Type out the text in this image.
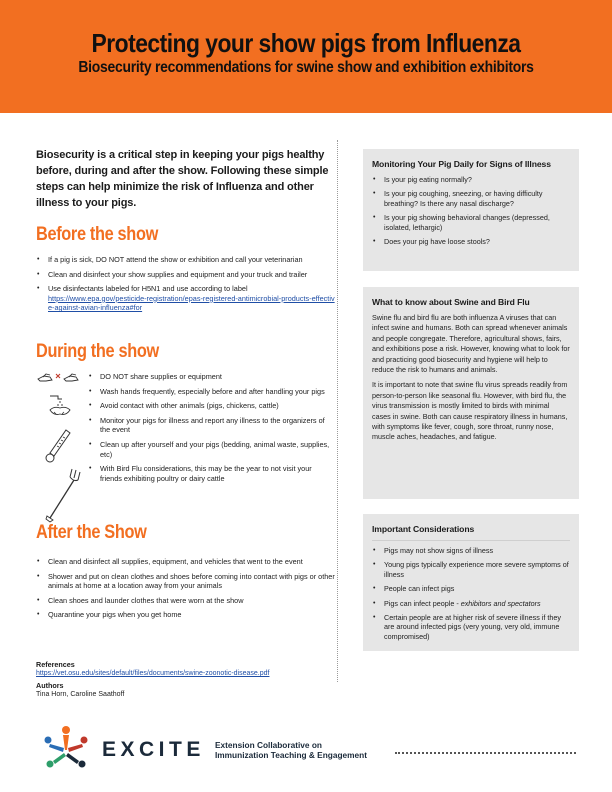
Protecting your show pigs from Influenza
Biosecurity recommendations for swine show and exhibition exhibitors

Biosecurity is a critical step in keeping your pigs healthy before, during and after the show. Following these simple steps can help minimize the risk of Influenza and other illness to your pigs.

Before the show
• If a pig is sick, DO NOT attend the show or exhibition and call your veterinarian
• Clean and disinfect your show supplies and equipment and your truck and trailer
• Use disinfectants labeled for H5N1 and use according to label
https://www.epa.gov/pesticide-registration/epas-registered-antimicrobial-products-effective-against-avian-influenza#for
During the show
• DO NOT share supplies or equipment
• Wash hands frequently, especially before and after handling your pigs
• Avoid contact with other animals (pigs, chickens, cattle)
• Monitor your pigs for illness and report any illness to the organizers of the event
• Clean up after yourself and your pigs (bedding, animal waste, supplies, etc)
• With Bird Flu considerations, this may be the year to not visit your friends exhibiting poultry or dairy cattle
After the Show
• Clean and disinfect all supplies, equipment, and vehicles that went to the event
• Shower and put on clean clothes and shoes before coming into contact with pigs or other animals at home at a location away from your animals
• Clean shoes and launder clothes that were worn at the show
• Quarantine your pigs when you get home
Monitoring Your Pig Daily for Signs of Illness
• Is your pig eating normally?
• Is your pig coughing, sneezing, or having difficulty breathing? Is there any nasal discharge?
• Is your pig showing behavioral changes (depressed, isolated, lethargic)
• Does your pig have loose stools?
What to know about Swine and Bird Flu

Swine flu and bird flu are both influenza A viruses that can infect swine and humans. Both can spread whenever animals and people congregate. Therefore, agricultural shows, fairs, and exhibitions pose a risk. However, knowing what to look for and practicing good biosecurity and hygiene will help to reduce the risk to humans and animals.

It is important to note that swine flu virus spreads readily from person-to-person like seasonal flu. However, with bird flu, the virus transmission is mostly limited to birds with minimal cases in swine. Both can cause respiratory illness in humans, with symptoms like fever, cough, sore throat, runny nose, muscle aches, headaches, and fatigue.

Important Considerations
• Pigs may not show signs of illness
• Young pigs typically experience more severe symptoms of illness
• People can infect pigs
• Pigs can infect people - exhibitors and spectators
• Certain people are at higher risk of severe illness if they are around infected pigs (very young, very old, immune compromised)
References
https://vet.osu.edu/sites/default/files/documents/swine-zoonotic-disease.pdf
Authors
Tina Horn, Caroline Saathoff
EXCITE Extension Collaborative on
Immunization Teaching & Engagement
